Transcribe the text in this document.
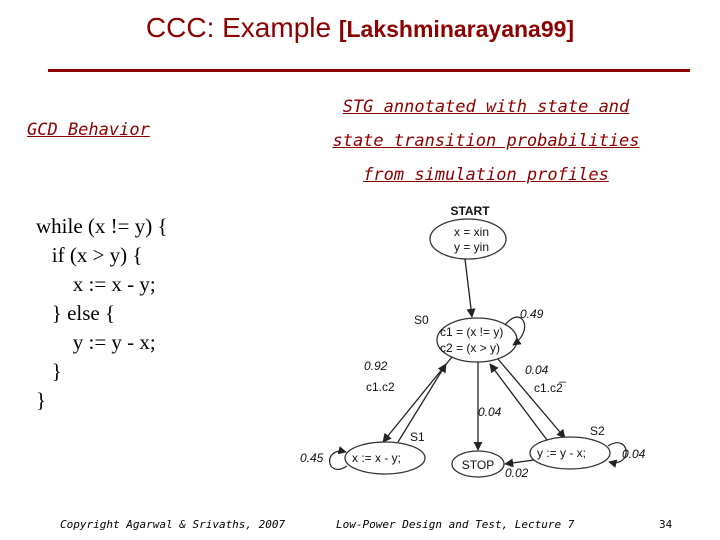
CCC: Example [Lakshminarayana99]
GCD Behavior
STG annotated with state and
state transition probabilities
from simulation profiles
while (x != y) {
if (x > y) {
x := x - y;
} else {
y := y - x;
}
}
START
x = xin
y = yin
S0
c1 = (x != y)
c2 = (x > y)
0.49
0.92
c1.c2
0.04
c1.c2̅
0.04
S1
x := x - y;
0.45
S2
y := y - x;	0.04
0.02
STOP
Copyright Agarwal & Srivaths, 2007	Low-Power Design and Test, Lecture 7	34
